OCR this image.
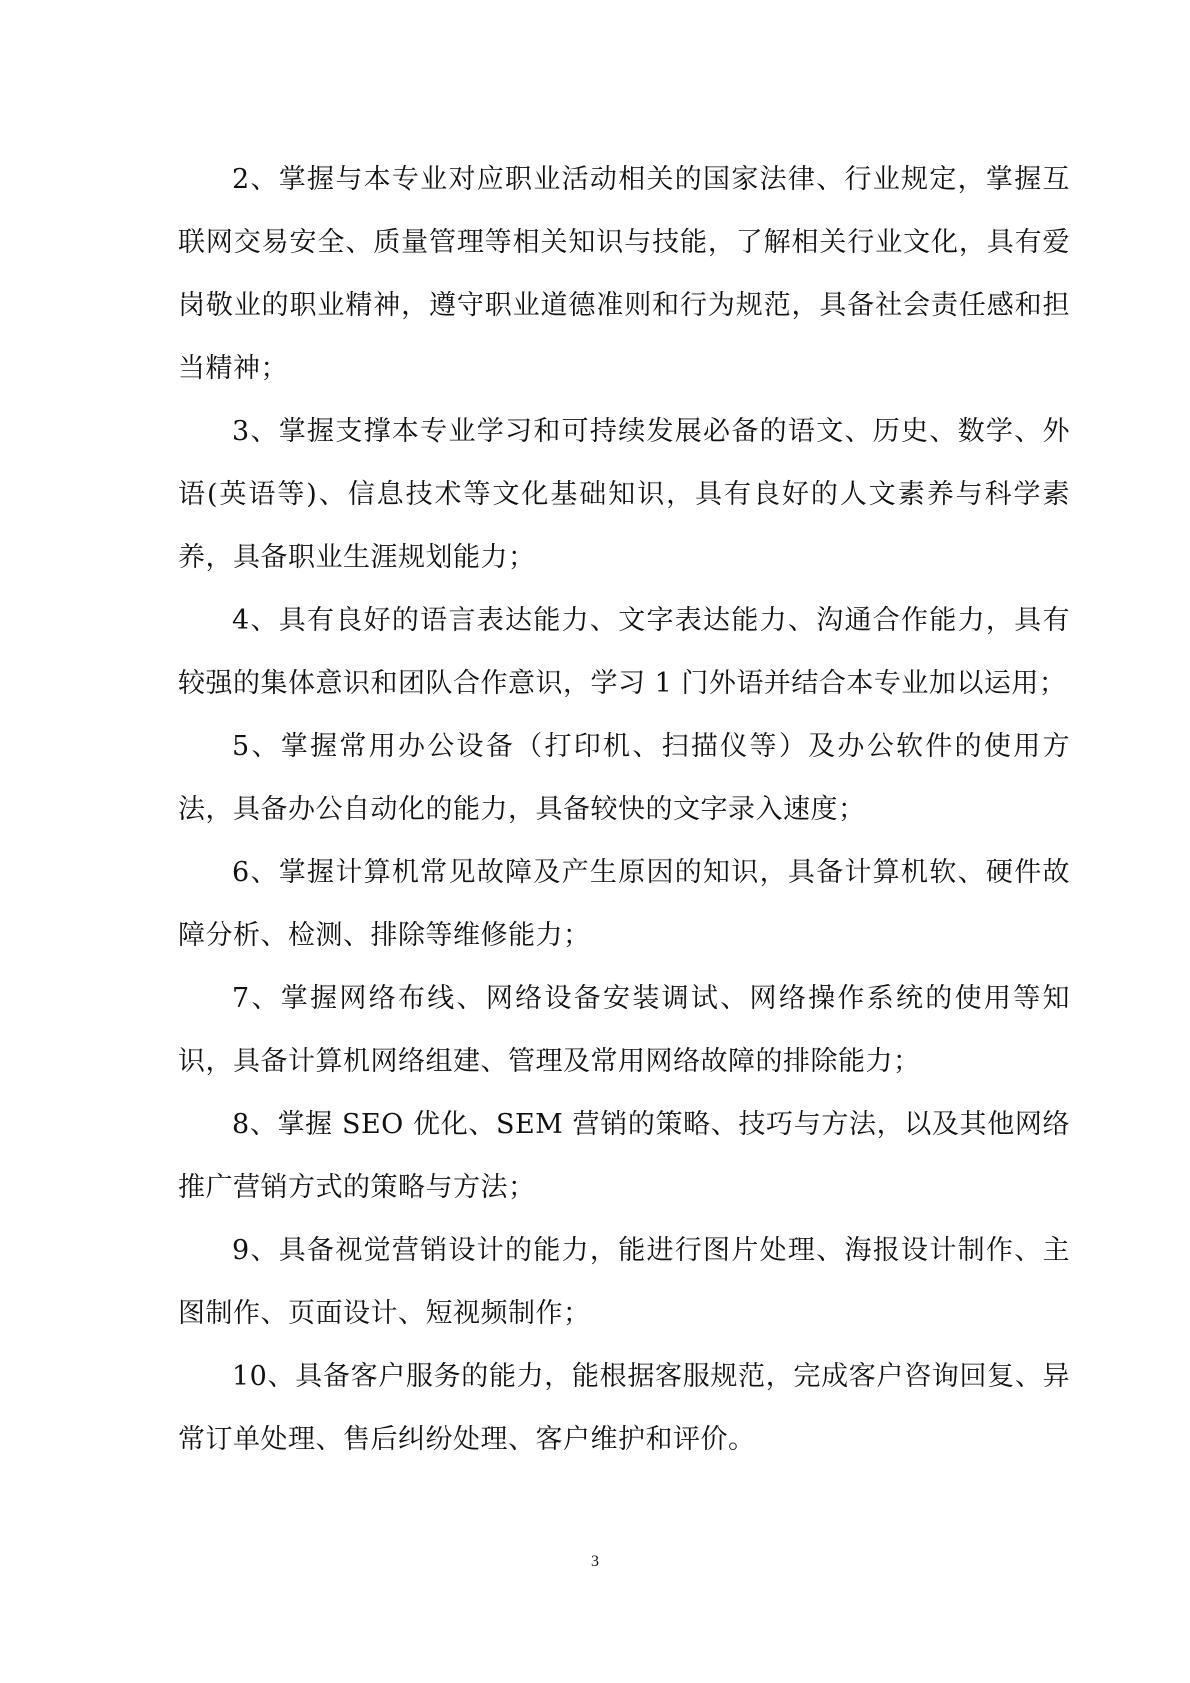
2、掌握与本专业对应职业活动相关的国家法律、行业规定，掌握互联网交易安全、质量管理等相关知识与技能，了解相关行业文化，具有爱岗敬业的职业精神，遵守职业道德准则和行为规范，具备社会责任感和担当精神；

3、掌握支撑本专业学习和可持续发展必备的语文、历史、数学、外语(英语等)、信息技术等文化基础知识，具有良好的人文素养与科学素养，具备职业生涯规划能力；

4、具有良好的语言表达能力、文字表达能力、沟通合作能力，具有较强的集体意识和团队合作意识，学习 1 门外语并结合本专业加以运用；

5、掌握常用办公设备（打印机、扫描仪等）及办公软件的使用方法，具备办公自动化的能力，具备较快的文字录入速度；

6、掌握计算机常见故障及产生原因的知识，具备计算机软、硬件故障分析、检测、排除等维修能力；

7、掌握网络布线、网络设备安装调试、网络操作系统的使用等知识，具备计算机网络组建、管理及常用网络故障的排除能力；

8、掌握 SEO 优化、SEM 营销的策略、技巧与方法，以及其他网络推广营销方式的策略与方法；

9、具备视觉营销设计的能力，能进行图片处理、海报设计制作、主图制作、页面设计、短视频制作；

10、具备客户服务的能力，能根据客服规范，完成客户咨询回复、异常订单处理、售后纠纷处理、客户维护和评价。

3
